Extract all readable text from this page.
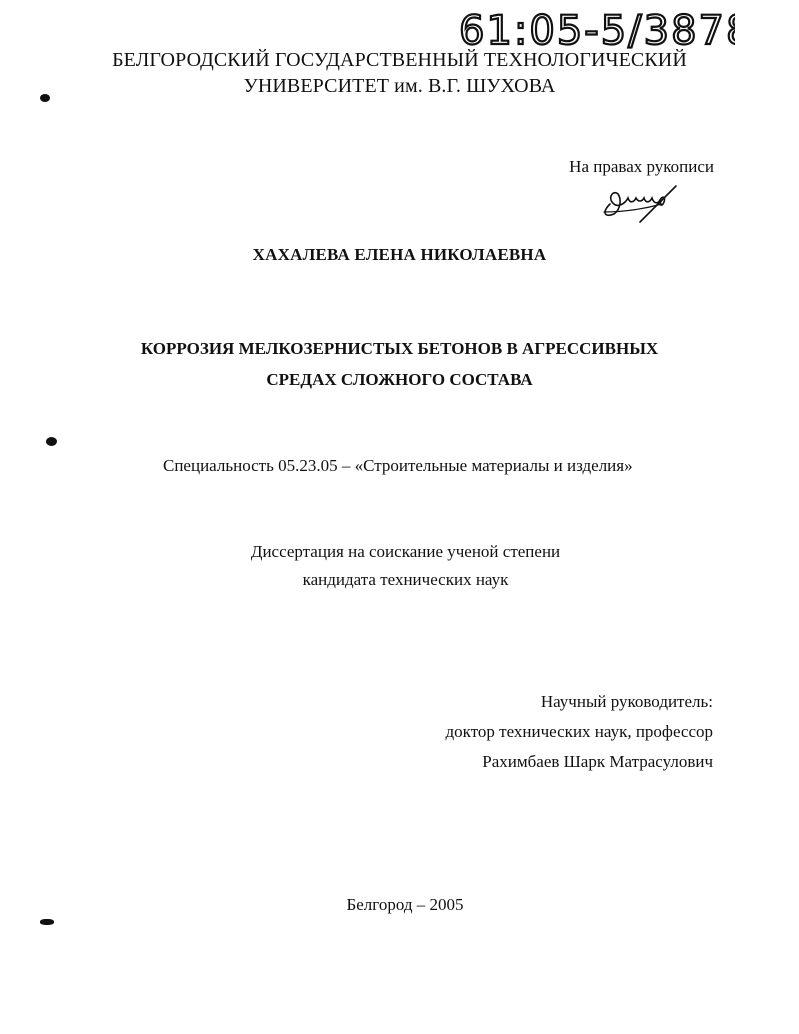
61:05-5/3878
БЕЛГОРОДСКИЙ ГОСУДАРСТВЕННЫЙ ТЕХНОЛОГИЧЕСКИЙ
УНИВЕРСИТЕТ им. В.Г. ШУХОВА
На правах рукописи
ХАХАЛЕВА ЕЛЕНА НИКОЛАЕВНА
КОРРОЗИЯ МЕЛКОЗЕРНИСТЫХ БЕТОНОВ В АГРЕССИВНЫХ
СРЕДАХ СЛОЖНОГО СОСТАВА
Специальность 05.23.05 – «Строительные материалы и изделия»
Диссертация на соискание ученой степени
кандидата технических наук
Научный руководитель:
доктор технических наук, профессор
Рахимбаев Шарк Матрасулович
Белгород – 2005
